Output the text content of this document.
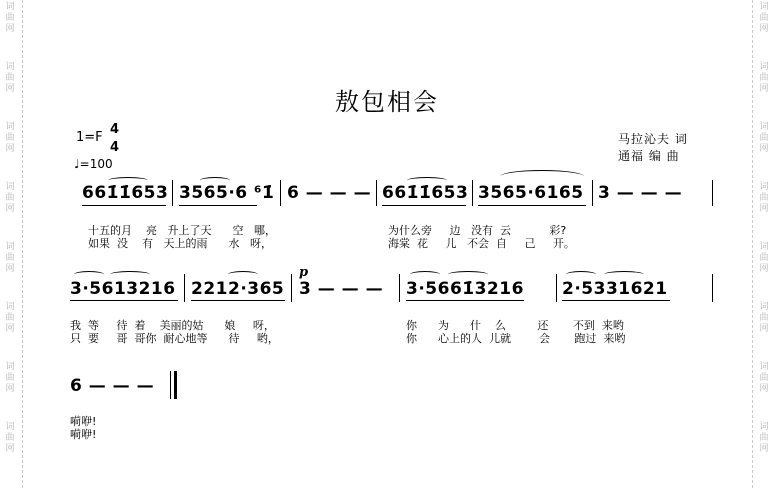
词
曲
网
词
曲
网
词
曲
网
词
曲
网
词
曲
网
词
曲
网
词
曲
网
词
曲
网
词
曲
网
词
曲
网
词
曲
网
词
曲
网
词
曲
网
词
曲
网
词
曲
网
词
曲
网
敖包相会
1=F
4
4
♩=100
马拉沁夫 词
通福 编 曲
661̇1̇653 3565·6 ⁶1̇ 6 — — — 661̇1̇653 3565·6165 3 — — —
十五的月    亮   升上了天      空   哪，
如果  没    有   天上的雨      水   呀，
为什么旁     边   没有  云           彩?
海棠  花     儿   不会  自     己     开。
p
3·5613216 2212·365 3 — — — 3·5661̇3216 2·5331621
我  等     待  着    美丽的姑      娘     呀，
只  要     哥  哥你  耐心地等      待     哟，
你      为      什    么         还       不到  来哟
你      心上的人  儿就        会       跑过  来哟
6 — — —
嗬咿!
嗬咿!
